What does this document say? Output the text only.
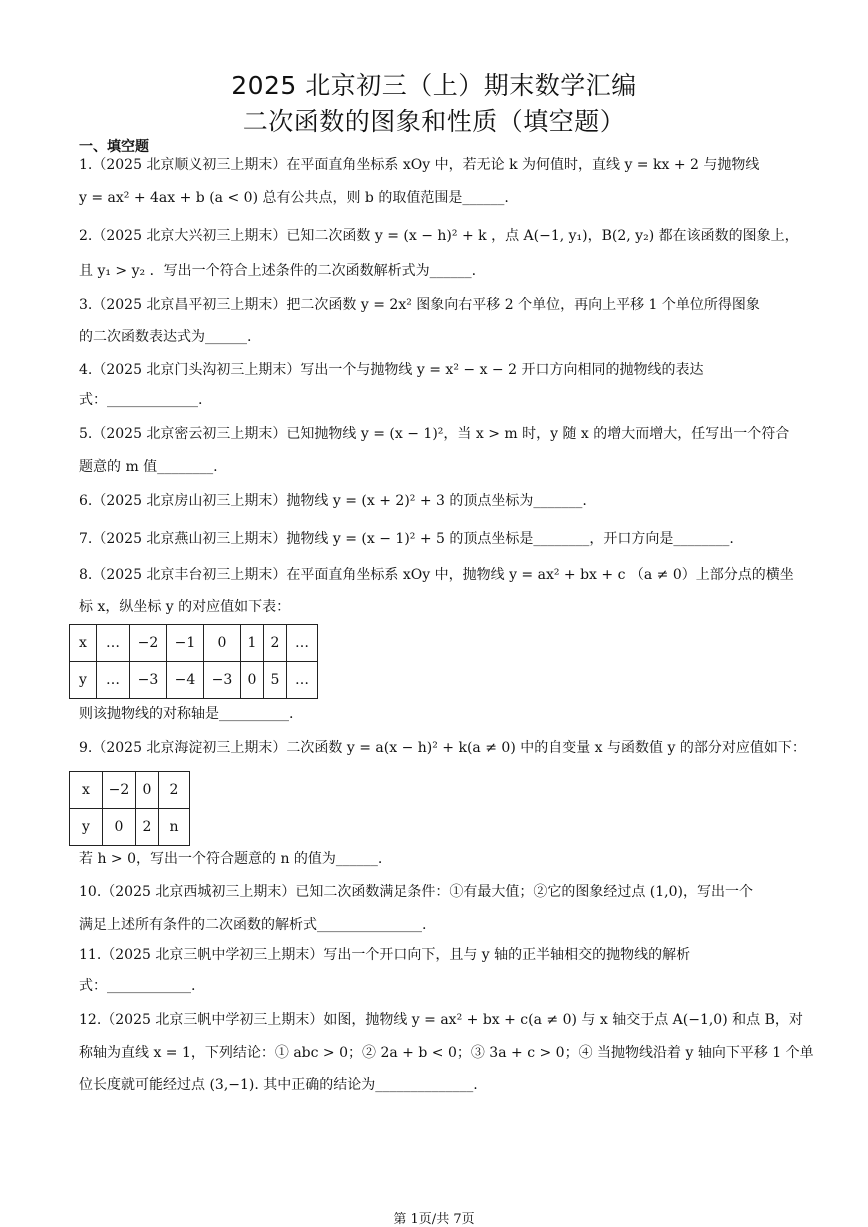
2025 北京初三（上）期末数学汇编
二次函数的图象和性质（填空题）
一、填空题
1.（2025 北京顺义初三上期末）在平面直角坐标系 xOy 中，若无论 k 为何值时，直线 y = kx + 2 与抛物线
y = ax² + 4ax + b (a < 0) 总有公共点，则 b 的取值范围是______.
2.（2025 北京大兴初三上期末）已知二次函数 y = (x − h)² + k ，点 A(−1, y₁)，B(2, y₂) 都在该函数的图象上，
且 y₁ > y₂ ．写出一个符合上述条件的二次函数解析式为______.
3.（2025 北京昌平初三上期末）把二次函数 y = 2x² 图象向右平移 2 个单位，再向上平移 1 个单位所得图象
的二次函数表达式为______.
4.（2025 北京门头沟初三上期末）写出一个与抛物线 y = x² − x − 2 开口方向相同的抛物线的表达
式：_____________.
5.（2025 北京密云初三上期末）已知抛物线 y = (x − 1)²，当 x > m 时，y 随 x 的增大而增大，任写出一个符合
题意的 m 值________.
6.（2025 北京房山初三上期末）抛物线 y = (x + 2)² + 3 的顶点坐标为_______.
7.（2025 北京燕山初三上期末）抛物线 y = (x − 1)² + 5 的顶点坐标是________，开口方向是________.
8.（2025 北京丰台初三上期末）在平面直角坐标系 xOy 中，抛物线 y = ax² + bx + c （a ≠ 0）上部分点的横坐
标 x，纵坐标 y 的对应值如下表：
x	…	−2	−1	0	1	2	…
y	…	−3	−4	−3	0	5	…
则该抛物线的对称轴是__________.
9.（2025 北京海淀初三上期末）二次函数 y = a(x − h)² + k(a ≠ 0) 中的自变量 x 与函数值 y 的部分对应值如下：
x	−2	0	2
y	0	2	n
若 h > 0，写出一个符合题意的 n 的值为______.
10.（2025 北京西城初三上期末）已知二次函数满足条件：①有最大值；②它的图象经过点 (1,0)，写出一个
满足上述所有条件的二次函数的解析式_______________.
11.（2025 北京三帆中学初三上期末）写出一个开口向下，且与 y 轴的正半轴相交的抛物线的解析
式：____________.
12.（2025 北京三帆中学初三上期末）如图，抛物线 y = ax² + bx + c(a ≠ 0) 与 x 轴交于点 A(−1,0) 和点 B，对
称轴为直线 x = 1，下列结论：① abc > 0；② 2a + b < 0；③ 3a + c > 0；④ 当抛物线沿着 y 轴向下平移 1 个单
位长度就可能经过点 (3,−1). 其中正确的结论为______________.
第 1页/共 7页
